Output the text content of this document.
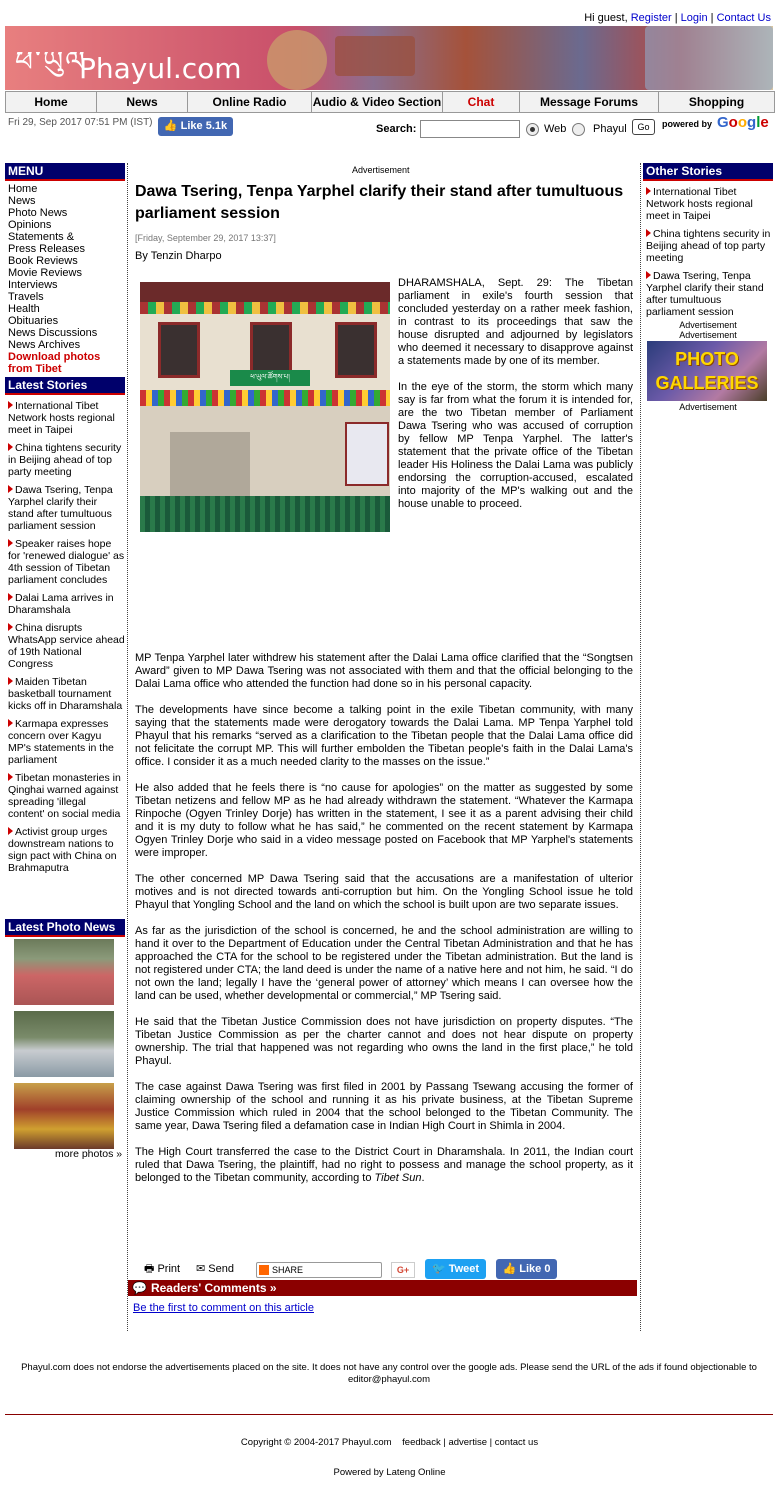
Hi guest, Register | Login | Contact Us
ཕ་ཡུལ
Phayul.com
Home	News	Online Radio	Audio & Video Section	Chat	Message Forums	Shopping
Fri 29, Sep 2017 07:51 PM (IST)	👍 Like 5.1k	Search:	Web Phayul	Go	powered by Google
MENU
Home
News
Photo News
Opinions
Statements &
Press Releases
Book Reviews
Movie Reviews
Interviews
Travels
Health
Obituaries
News Discussions
News Archives
Download photos from Tibet
Latest Stories
International Tibet Network hosts regional meet in Taipei
China tightens security in Beijing ahead of top party meeting
Dawa Tsering, Tenpa Yarphel clarify their stand after tumultuous parliament session
Speaker raises hope for 'renewed dialogue' as 4th session of Tibetan parliament concludes
Dalai Lama arrives in Dharamshala
China disrupts WhatsApp service ahead of 19th National Congress
Maiden Tibetan basketball tournament kicks off in Dharamshala
Karmapa expresses concern over Kagyu MP's statements in the parliament
Tibetan monasteries in Qinghai warned against spreading 'illegal content' on social media
Activist group urges downstream nations to sign pact with China on Brahmaputra
Latest Photo News
more photos »
Advertisement
Dawa Tsering, Tenpa Yarphel clarify their stand after tumultuous parliament session
[Friday, September 29, 2017 13:37]
By Tenzin Dharpo
ཕ་ཡུལ་ཚོགས་པ།

DHARAMSHALA, Sept. 29: The Tibetan parliament in exile's fourth session that concluded yesterday on a rather meek fashion, in contrast to its proceedings that saw the house disrupted and adjourned by legislators who deemed it necessary to disapprove against a statements made by one of its member.

In the eye of the storm, the storm which many say is far from what the forum it is intended for, are the two Tibetan member of Parliament Dawa Tsering who was accused of corruption by fellow MP Tenpa Yarphel. The latter's statement that the private office of the Tibetan leader His Holiness the Dalai Lama was publicly endorsing the corruption-accused, escalated into majority of the MP's walking out and the house unable to proceed.

MP Tenpa Yarphel later withdrew his statement after the Dalai Lama office clarified that the “Songtsen Award” given to MP Dawa Tsering was not associated with them and that the official belonging to the Dalai Lama office who attended the function had done so in his personal capacity.

The developments have since become a talking point in the exile Tibetan community, with many saying that the statements made were derogatory towards the Dalai Lama. MP Tenpa Yarphel told Phayul that his remarks “served as a clarification to the Tibetan people that the Dalai Lama office did not felicitate the corrupt MP. This will further embolden the Tibetan people's faith in the Dalai Lama's office. I consider it as a much needed clarity to the masses on the issue.”

He also added that he feels there is “no cause for apologies” on the matter as suggested by some Tibetan netizens and fellow MP as he had already withdrawn the statement. “Whatever the Karmapa Rinpoche (Ogyen Trinley Dorje) has written in the statement, I see it as a parent advising their child and it is my duty to follow what he has said,” he commented on the recent statement by Karmapa Ogyen Trinley Dorje who said in a video message posted on Facebook that MP Yarphel's statements were improper.

The other concerned MP Dawa Tsering said that the accusations are a manifestation of ulterior motives and is not directed towards anti-corruption but him. On the Yongling School issue he told Phayul that Yongling School and the land on which the school is built upon are two separate issues.

As far as the jurisdiction of the school is concerned, he and the school administration are willing to hand it over to the Department of Education under the Central Tibetan Administration and that he has approached the CTA for the school to be registered under the Tibetan administration. But the land is not registered under CTA; the land deed is under the name of a native here and not him, he said. “I do not own the land; legally I have the ‘general power of attorney’ which means I can oversee how the land can be used, whether developmental or commercial,” MP Tsering said.

He said that the Tibetan Justice Commission does not have jurisdiction on property disputes. “The Tibetan Justice Commission as per the charter cannot and does not hear dispute on property ownership. The trial that happened was not regarding who owns the land in the first place,” he told Phayul.

The case against Dawa Tsering was first filed in 2001 by Passang Tsewang accusing the former of claiming ownership of the school and running it as his private business, at the Tibetan Supreme Justice Commission which ruled in 2004 that the school belonged to the Tibetan Community. The same year, Dawa Tsering filed a defamation case in Indian High Court in Shimla in 2004.

The High Court transferred the case to the District Court in Dharamshala. In 2011, the Indian court ruled that Dawa Tsering, the plaintiff, had no right to possess and manage the school property, as it belonged to the Tibetan community, according to Tibet Sun.

🖶 Print ✉ Send	SHARE	G+	🐦 Tweet	👍 Like 0
💬 Readers' Comments »
Be the first to comment on this article
Other Stories
International Tibet Network hosts regional meet in Taipei
China tightens security in Beijing ahead of top party meeting
Dawa Tsering, Tenpa Yarphel clarify their stand after tumultuous parliament session
Advertisement
Advertisement
PHOTO
GALLERIES
Advertisement
Phayul.com does not endorse the advertisements placed on the site. It does not have any control over the google ads. Please send the URL of the ads if found objectionable to editor@phayul.com
Copyright © 2004-2017 Phayul.com feedback | advertise | contact us
Powered by Lateng Online
